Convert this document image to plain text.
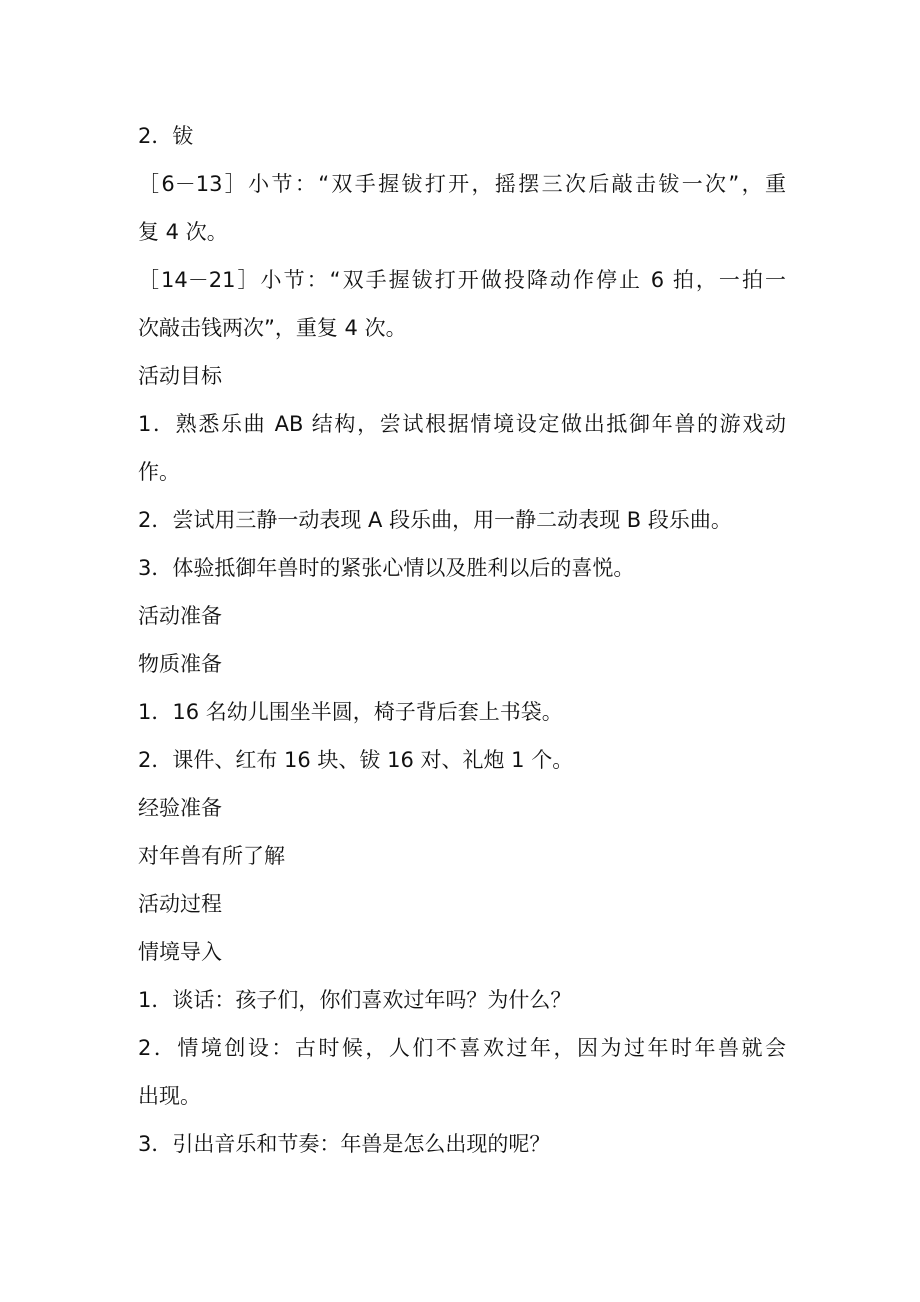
2．钹
［6－13］小节：“双手握钹打开，摇摆三次后敲击钹一次”，重
复 4 次。
［14－21］小节：“双手握钹打开做投降动作停止 6 拍，一拍一
次敲击钱两次”，重复 4 次。
活动目标
1．熟悉乐曲 AB 结构，尝试根据情境设定做出抵御年兽的游戏动
作。
2．尝试用三静一动表现 A 段乐曲，用一静二动表现 B 段乐曲。
3．体验抵御年兽时的紧张心情以及胜利以后的喜悦。
活动准备
物质准备
1．16 名幼儿围坐半圆，椅子背后套上书袋。
2．课件、红布 16 块、钹 16 对、礼炮 1 个。
经验准备
对年兽有所了解
活动过程
情境导入
1．谈话：孩子们，你们喜欢过年吗？为什么？
2．情境创设：古时候，人们不喜欢过年，因为过年时年兽就会
出现。
3．引出音乐和节奏：年兽是怎么出现的呢？
